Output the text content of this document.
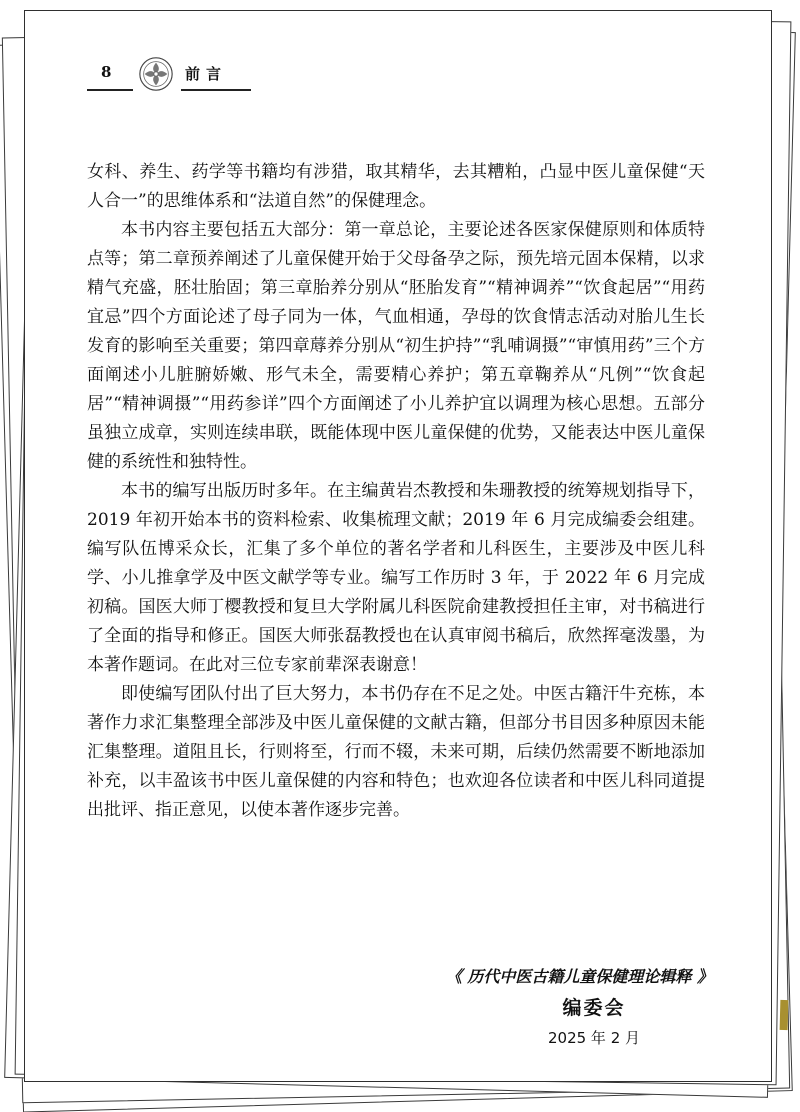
8	前言

女科、养生、药学等书籍均有涉猎，取其精华，去其糟粕，凸显中医儿童保健“天人合一”的思维体系和“法道自然”的保健理念。

本书内容主要包括五大部分：第一章总论，主要论述各医家保健原则和体质特点等；第二章预养阐述了儿童保健开始于父母备孕之际，预先培元固本保精，以求精气充盛，胚壮胎固；第三章胎养分别从“胚胎发育”“精神调养”“饮食起居”“用药宜忌”四个方面论述了母子同为一体，气血相通，孕母的饮食情志活动对胎儿生长发育的影响至关重要；第四章蓐养分别从“初生护持”“乳哺调摄”“审慎用药”三个方面阐述小儿脏腑娇嫩、形气未全，需要精心养护；第五章鞠养从“凡例”“饮食起居”“精神调摄”“用药参详”四个方面阐述了小儿养护宜以调理为核心思想。五部分虽独立成章，实则连续串联，既能体现中医儿童保健的优势，又能表达中医儿童保健的系统性和独特性。

本书的编写出版历时多年。在主编黄岩杰教授和朱珊教授的统筹规划指导下，2019 年初开始本书的资料检索、收集梳理文献；2019 年 6 月完成编委会组建。编写队伍博采众长，汇集了多个单位的著名学者和儿科医生，主要涉及中医儿科学、小儿推拿学及中医文献学等专业。编写工作历时 3 年，于 2022 年 6 月完成初稿。国医大师丁樱教授和复旦大学附属儿科医院俞建教授担任主审，对书稿进行了全面的指导和修正。国医大师张磊教授也在认真审阅书稿后，欣然挥毫泼墨，为本著作题词。在此对三位专家前辈深表谢意！

即使编写团队付出了巨大努力，本书仍存在不足之处。中医古籍汗牛充栋，本著作力求汇集整理全部涉及中医儿童保健的文献古籍，但部分书目因多种原因未能汇集整理。道阻且长，行则将至，行而不辍，未来可期，后续仍然需要不断地添加补充，以丰盈该书中医儿童保健的内容和特色；也欢迎各位读者和中医儿科同道提出批评、指正意见，以使本著作逐步完善。

《 历代中医古籍儿童保健理论辑释 》
编委会
2025 年 2 月
